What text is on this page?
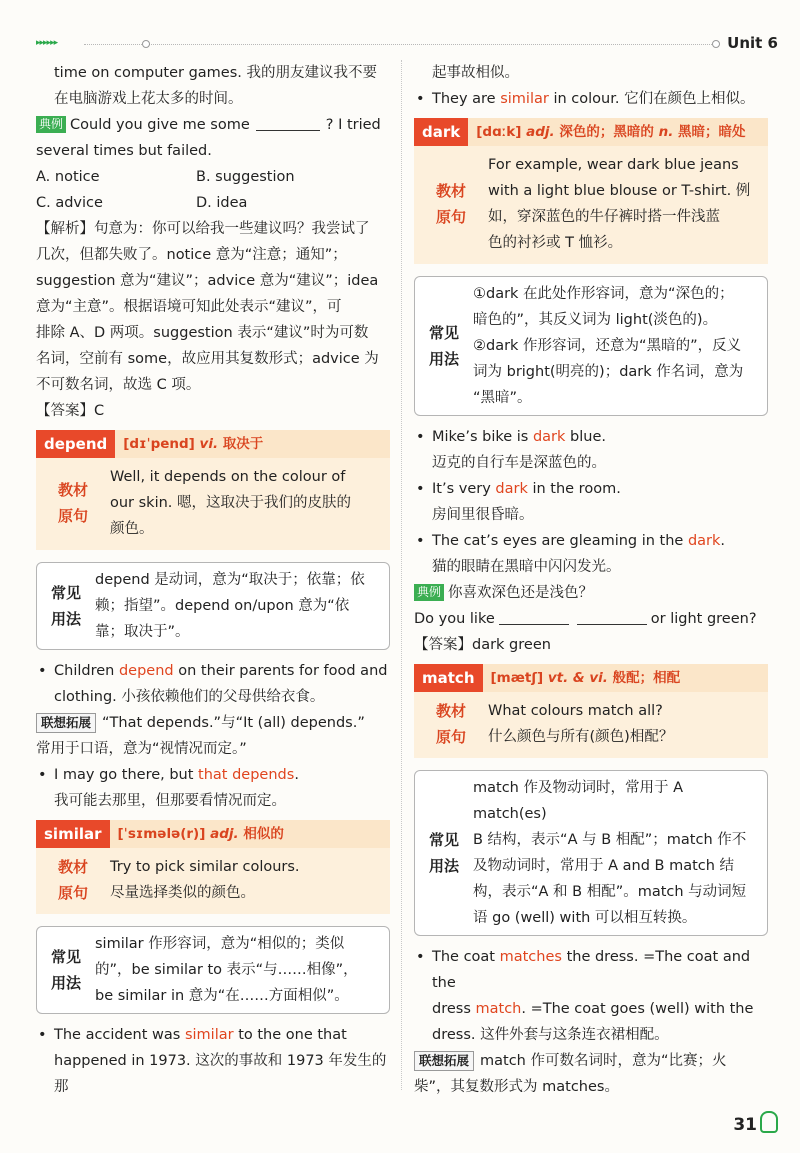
▸▸▸▸▸▸	Unit 6

time on computer games. 我的朋友建议我不要

在电脑游戏上花太多的时间。

典例 Could you give me some	? I tried

several times but failed.

A. notice	B. suggestion
C. advice	D. idea

【解析】句意为：你可以给我一些建议吗？我尝试了

几次，但都失败了。notice 意为“注意；通知”；

suggestion 意为“建议”；advice 意为“建议”；idea

意为“主意”。根据语境可知此处表示“建议”，可

排除 A、D 两项。suggestion 表示“建议”时为可数

名词，空前有 some，故应用其复数形式；advice 为

不可数名词，故选 C 项。

【答案】C

depend	[dɪˈpend] vi. 取决于
教材
原句

Well, it depends on the colour of

our skin. 嗯，这取决于我们的皮肤的

颜色。

常见
用法

depend 是动词，意为“取决于；依靠；依

赖；指望”。depend on/upon 意为“依

靠；取决于”。

• Children depend on their parents for food and

clothing. 小孩依赖他们的父母供给衣食。

联想拓展 “That depends.”与“It (all) depends.”

常用于口语，意为“视情况而定。”

• I may go there, but that depends.

我可能去那里，但那要看情况而定。

similar	[ˈsɪmələ(r)] adj. 相似的
教材
原句

Try to pick similar colours.

尽量选择类似的颜色。

常见
用法

similar 作形容词，意为“相似的；类似

的”，be similar to 表示“与……相像”，

be similar in 意为“在……方面相似”。

• The accident was similar to the one that

happened in 1973. 这次的事故和 1973 年发生的那

起事故相似。

• They are similar in colour. 它们在颜色上相似。

dark	[dɑːk] adj. 深色的；黑暗的 n. 黑暗；暗处
教材
原句

For example, wear dark blue jeans

with a light blue blouse or T-shirt. 例

如，穿深蓝色的牛仔裤时搭一件浅蓝

色的衬衫或 T 恤衫。

常见
用法

①dark 在此处作形容词，意为“深色的；

暗色的”，其反义词为 light(淡色的)。

②dark 作形容词，还意为“黑暗的”，反义

词为 bright(明亮的)；dark 作名词，意为

“黑暗”。

• Mike’s bike is dark blue.

迈克的自行车是深蓝色的。

• It’s very dark in the room.

房间里很昏暗。

• The cat’s eyes are gleaming in the dark.

猫的眼睛在黑暗中闪闪发光。

典例 你喜欢深色还是浅色？

Do you like	or light green?

【答案】dark green

match	[mætʃ] vt. & vi. 般配；相配
教材
原句

What colours match all?

什么颜色与所有(颜色)相配？

常见
用法

match 作及物动词时，常用于 A match(es)

B 结构，表示“A 与 B 相配”；match 作不

及物动词时，常用于 A and B match 结

构，表示“A 和 B 相配”。match 与动词短

语 go (well) with 可以相互转换。

• The coat matches the dress. =The coat and the

dress match. =The coat goes (well) with the

dress. 这件外套与这条连衣裙相配。

联想拓展 match 作可数名词时，意为“比赛；火

柴”，其复数形式为 matches。

31
